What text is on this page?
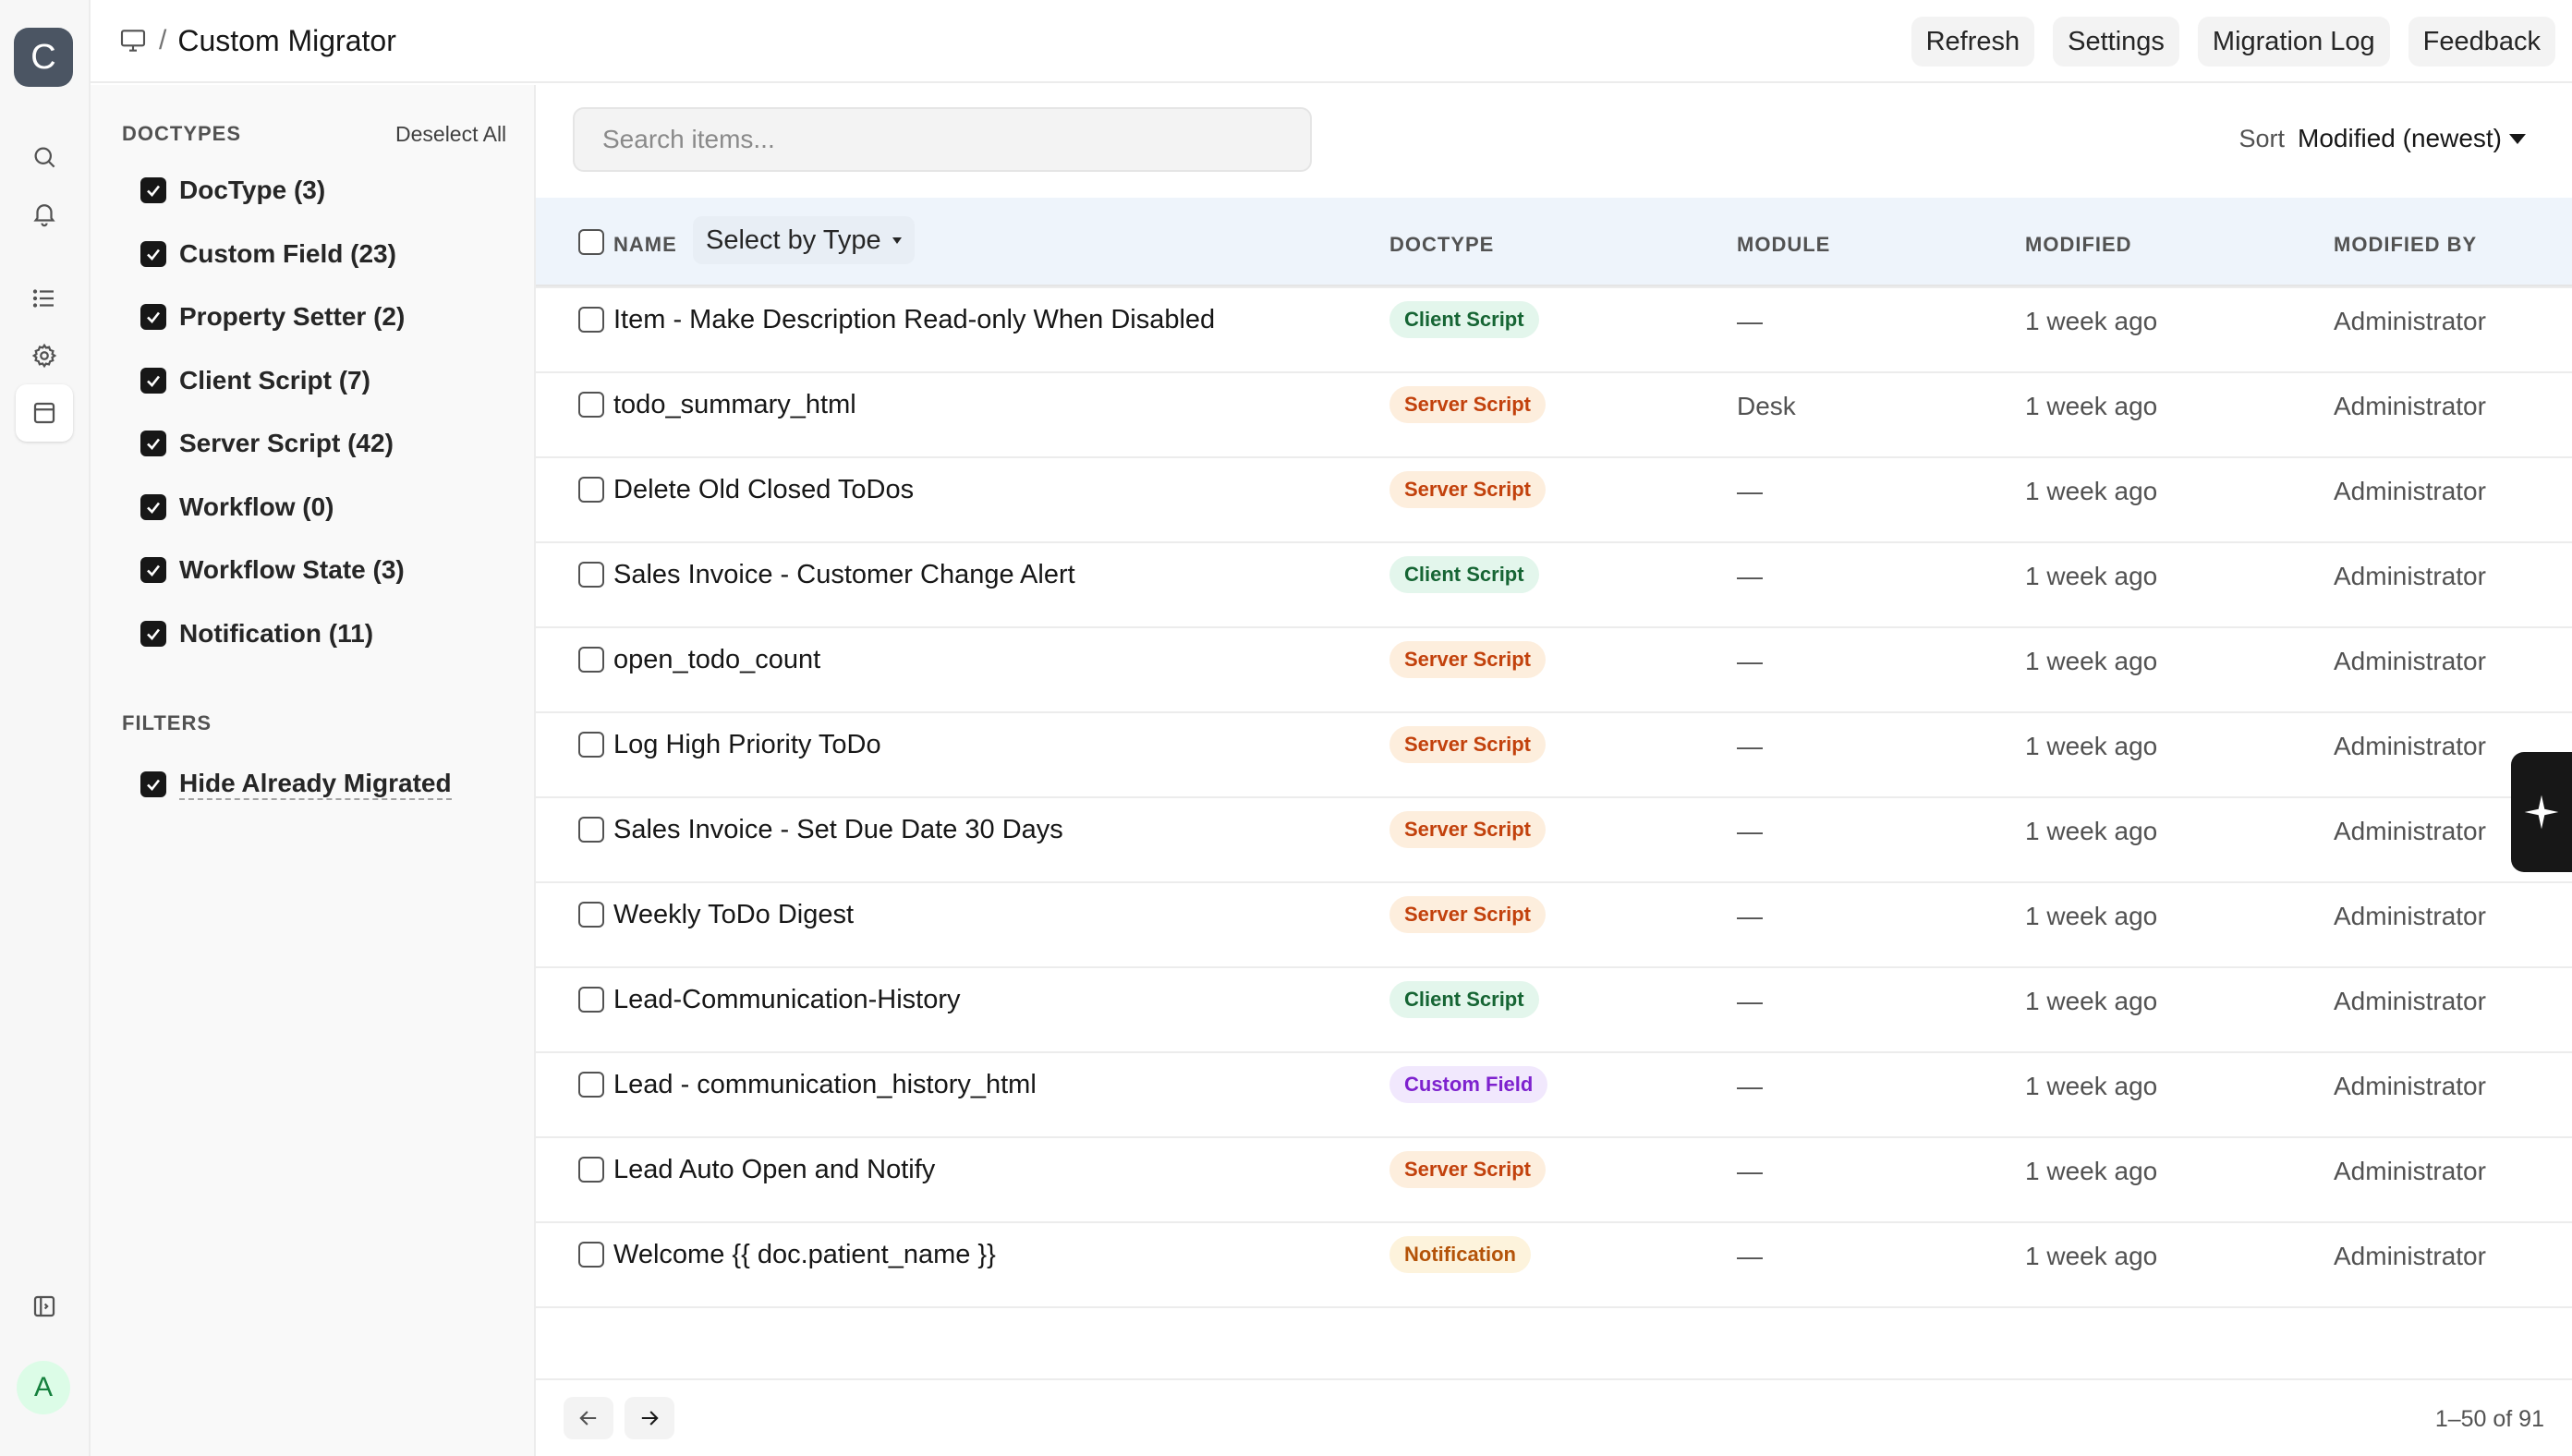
C
A
/ Custom Migrator	Refresh	Settings	Migration Log	Feedback
DOCTYPES	Deselect All
DocType (3)
Custom Field (23)
Property Setter (2)
Client Script (7)
Server Script (42)
Workflow (0)
Workflow State (3)
Notification (11)
FILTERS
Hide Already Migrated
Search items...
Sort Modified (newest)
NAME Select by Type	DOCTYPE	MODULE	MODIFIED	MODIFIED BY
Item - Make Description Read-only When Disabled	Client Script	—	1 week ago	Administrator
todo_summary_html	Server Script	Desk	1 week ago	Administrator
Delete Old Closed ToDos	Server Script	—	1 week ago	Administrator
Sales Invoice - Customer Change Alert	Client Script	—	1 week ago	Administrator
open_todo_count	Server Script	—	1 week ago	Administrator
Log High Priority ToDo	Server Script	—	1 week ago	Administrator
Sales Invoice - Set Due Date 30 Days	Server Script	—	1 week ago	Administrator
Weekly ToDo Digest	Server Script	—	1 week ago	Administrator
Lead-Communication-History	Client Script	—	1 week ago	Administrator
Lead - communication_history_html	Custom Field	—	1 week ago	Administrator
Lead Auto Open and Notify	Server Script	—	1 week ago	Administrator
Welcome {{ doc.patient_name }}	Notification	—	1 week ago	Administrator
1–50 of 91
